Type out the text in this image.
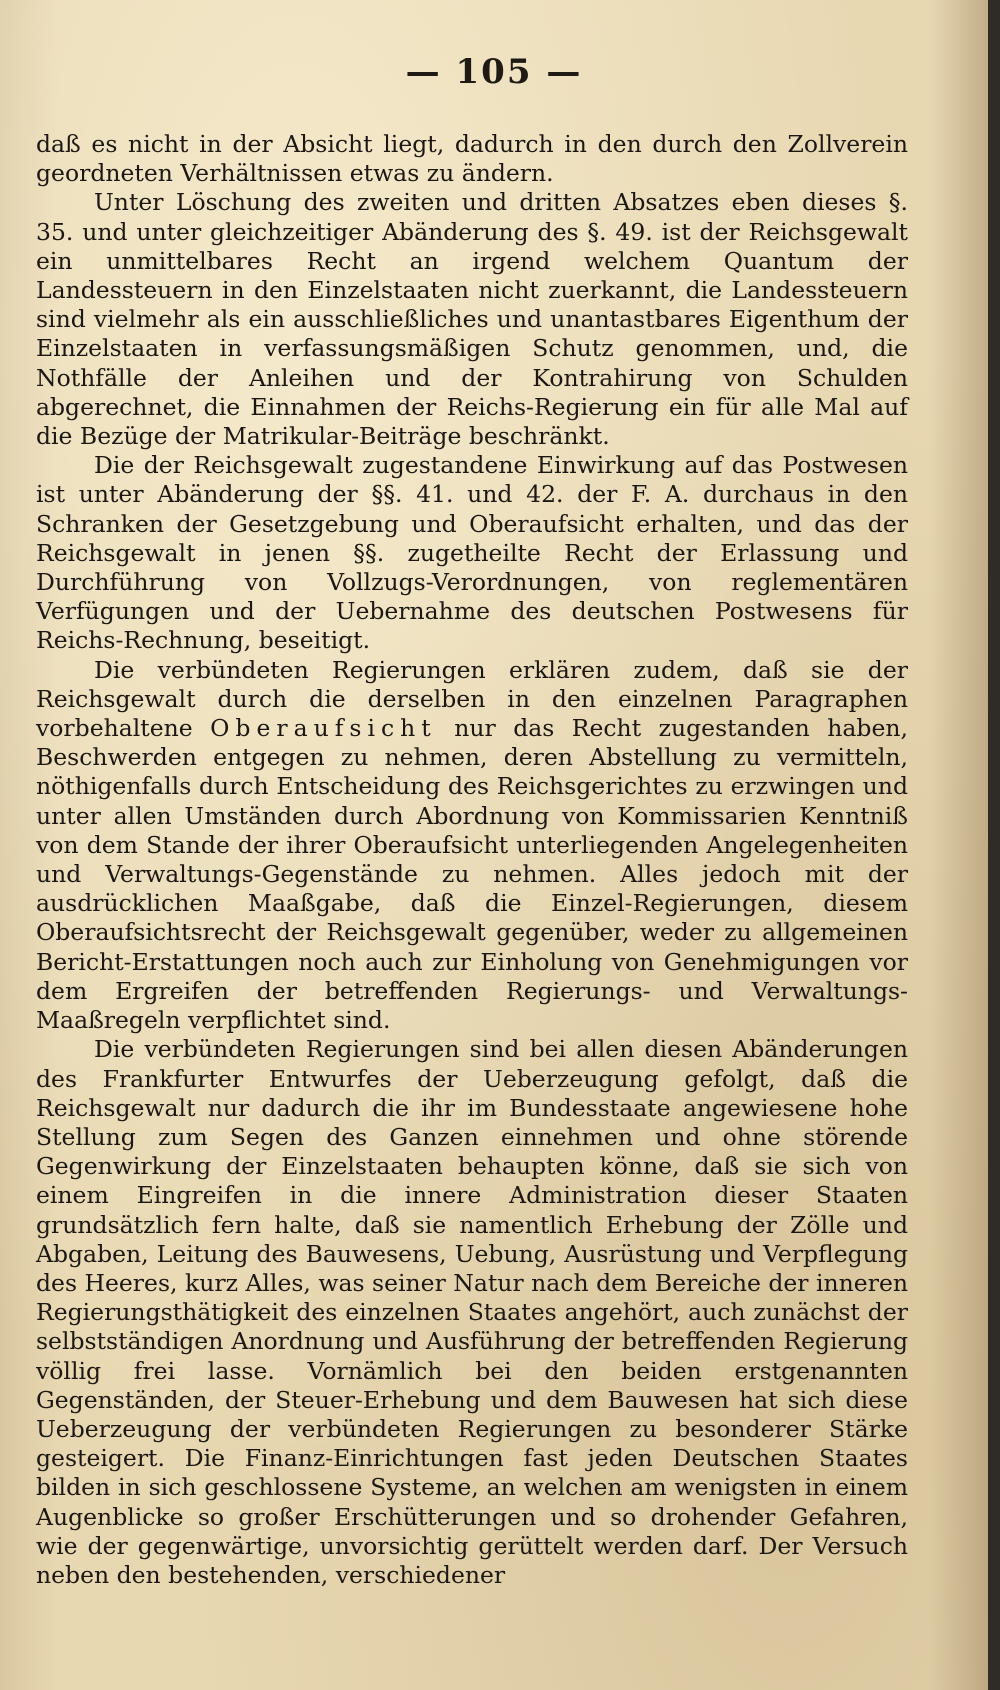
— 105 —

daß es nicht in der Absicht liegt, dadurch in den durch den Zollverein geordneten Verhältnissen etwas zu ändern.

Unter Löschung des zweiten und dritten Absatzes eben dieses §. 35. und unter gleichzeitiger Abänderung des §. 49. ist der Reichsgewalt ein unmittelbares Recht an irgend welchem Quantum der Landessteuern in den Einzelstaaten nicht zuerkannt, die Landessteuern sind vielmehr als ein ausschließliches und unantastbares Eigenthum der Einzelstaaten in verfassungsmäßigen Schutz genommen, und, die Nothfälle der Anleihen und der Kontrahirung von Schulden abgerechnet, die Einnahmen der Reichs-Regierung ein für alle Mal auf die Bezüge der Matrikular-Beiträge beschränkt.

Die der Reichsgewalt zugestandene Einwirkung auf das Postwesen ist unter Abänderung der §§. 41. und 42. der F. A. durchaus in den Schranken der Gesetzgebung und Oberaufsicht erhalten, und das der Reichsgewalt in jenen §§. zugetheilte Recht der Erlassung und Durchführung von Vollzugs-Verordnungen, von reglementären Verfügungen und der Uebernahme des deutschen Postwesens für Reichs-Rechnung, beseitigt.

Die verbündeten Regierungen erklären zudem, daß sie der Reichsgewalt durch die derselben in den einzelnen Paragraphen vorbehaltene Oberaufsicht nur das Recht zugestanden haben, Beschwerden entgegen zu nehmen, deren Abstellung zu vermitteln, nöthigenfalls durch Entscheidung des Reichsgerichtes zu erzwingen und unter allen Umständen durch Abordnung von Kommissarien Kenntniß von dem Stande der ihrer Oberaufsicht unterliegenden Angelegenheiten und Verwaltungs-Gegenstände zu nehmen. Alles jedoch mit der ausdrücklichen Maaßgabe, daß die Einzel-Regierungen, diesem Oberaufsichtsrecht der Reichsgewalt gegenüber, weder zu allgemeinen Bericht-Erstattungen noch auch zur Einholung von Genehmigungen vor dem Ergreifen der betreffenden Regierungs- und Verwaltungs-Maaßregeln verpflichtet sind.

Die verbündeten Regierungen sind bei allen diesen Abänderungen des Frankfurter Entwurfes der Ueberzeugung gefolgt, daß die Reichsgewalt nur dadurch die ihr im Bundesstaate angewiesene hohe Stellung zum Segen des Ganzen einnehmen und ohne störende Gegenwirkung der Einzelstaaten behaupten könne, daß sie sich von einem Eingreifen in die innere Administration dieser Staaten grundsätzlich fern halte, daß sie namentlich Erhebung der Zölle und Abgaben, Leitung des Bauwesens, Uebung, Ausrüstung und Verpflegung des Heeres, kurz Alles, was seiner Natur nach dem Bereiche der inneren Regierungsthätigkeit des einzelnen Staates angehört, auch zunächst der selbstständigen Anordnung und Ausführung der betreffenden Regierung völlig frei lasse. Vornämlich bei den beiden erstgenannten Gegenständen, der Steuer-Erhebung und dem Bauwesen hat sich diese Ueberzeugung der verbündeten Regierungen zu besonderer Stärke gesteigert. Die Finanz-Einrichtungen fast jeden Deutschen Staates bilden in sich geschlossene Systeme, an welchen am wenigsten in einem Augenblicke so großer Erschütterungen und so drohender Gefahren, wie der gegenwärtige, unvorsichtig gerüttelt werden darf. Der Versuch neben den bestehenden, verschiedener
